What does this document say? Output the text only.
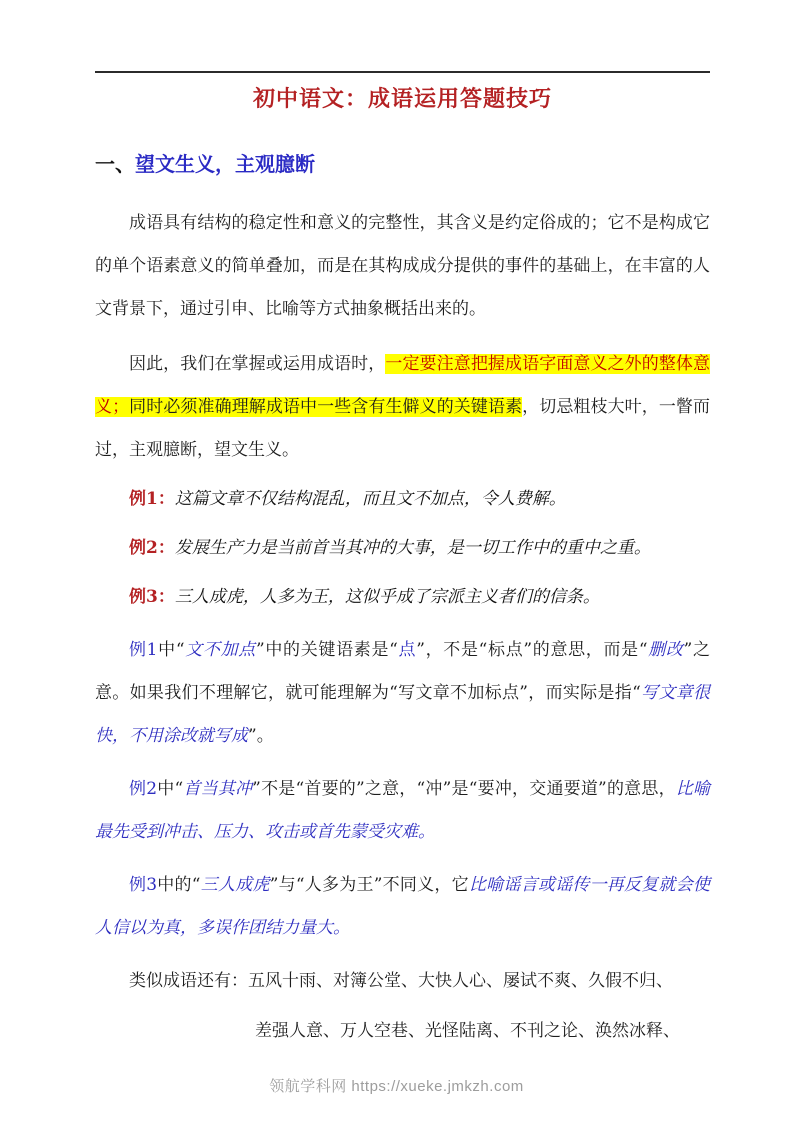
初中语文：成语运用答题技巧
一、望文生义，主观臆断

成语具有结构的稳定性和意义的完整性，其含义是约定俗成的；它不是构成它的单个语素意义的简单叠加，而是在其构成成分提供的事件的基础上，在丰富的人文背景下，通过引申、比喻等方式抽象概括出来的。

因此，我们在掌握或运用成语时，一定要注意把握成语字面意义之外的整体意义；同时必须准确理解成语中一些含有生僻义的关键语素，切忌粗枝大叶，一瞥而过，主观臆断，望文生义。

例1：这篇文章不仅结构混乱，而且文不加点，令人费解。
例2：发展生产力是当前首当其冲的大事，是一切工作中的重中之重。
例3：三人成虎，人多为王，这似乎成了宗派主义者们的信条。

例1中“文不加点”中的关键语素是“点”，不是“标点”的意思，而是“删改”之意。如果我们不理解它，就可能理解为“写文章不加标点”，而实际是指“写文章很快，不用涂改就写成”。

例2中“首当其冲”不是“首要的”之意，“冲”是“要冲，交通要道”的意思，比喻最先受到冲击、压力、攻击或首先蒙受灾难。

例3中的“三人成虎”与“人多为王”不同义，它比喻谣言或谣传一再反复就会使人信以为真，多误作团结力量大。

类似成语还有：五风十雨、对簿公堂、大快人心、屡试不爽、久假不归、

差强人意、万人空巷、光怪陆离、不刊之论、涣然冰释、

领航学科网 https://xueke.jmkzh.com
